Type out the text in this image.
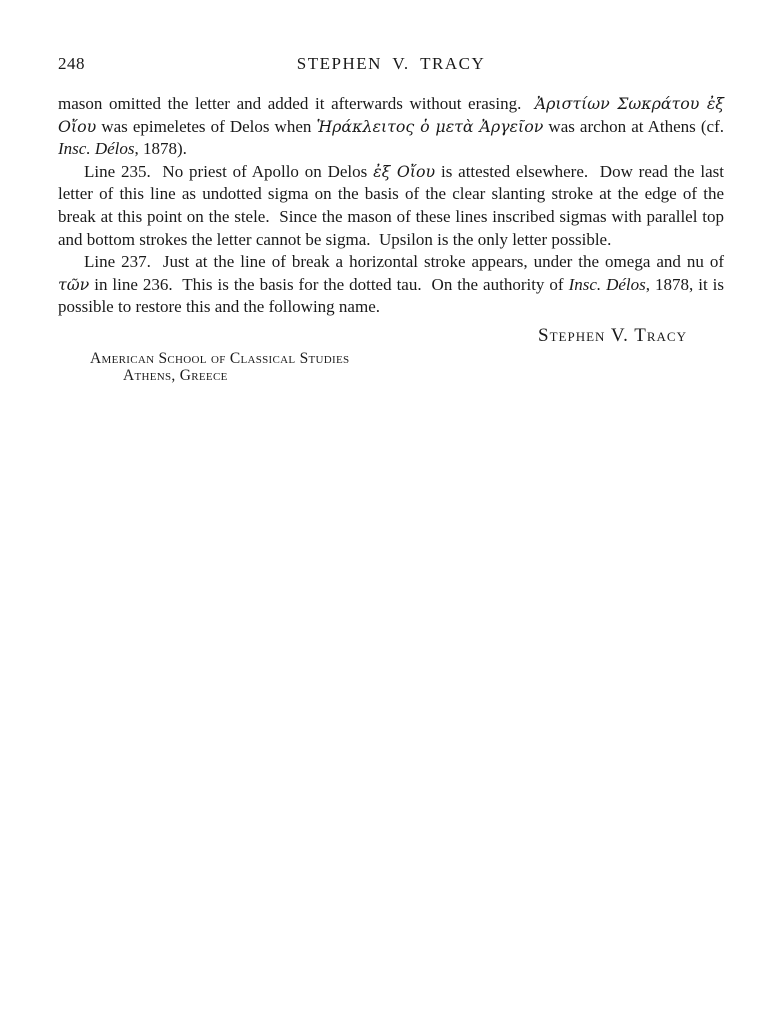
248	STEPHEN V. TRACY

mason omitted the letter and added it afterwards without erasing.  Ἀριστίων Σωκράτου ἐξ Οἴου was epimeletes of Delos when Ἡράκλειτος ὁ μετὰ Ἀργεῖον was archon at Athens (cf. Insc. Délos, 1878).

Line 235.  No priest of Apollo on Delos ἐξ Οἴου is attested elsewhere.  Dow read the last letter of this line as undotted sigma on the basis of the clear slanting stroke at the edge of the break at this point on the stele.  Since the mason of these lines inscribed sigmas with parallel top and bottom strokes the letter cannot be sigma.  Upsilon is the only letter possible.

Line 237.  Just at the line of break a horizontal stroke appears, under the omega and nu of τῶν in line 236.  This is the basis for the dotted tau.  On the authority of Insc. Délos, 1878, it is possible to restore this and the following name.

Stephen V. Tracy
American School of Classical Studies
Athens, Greece
